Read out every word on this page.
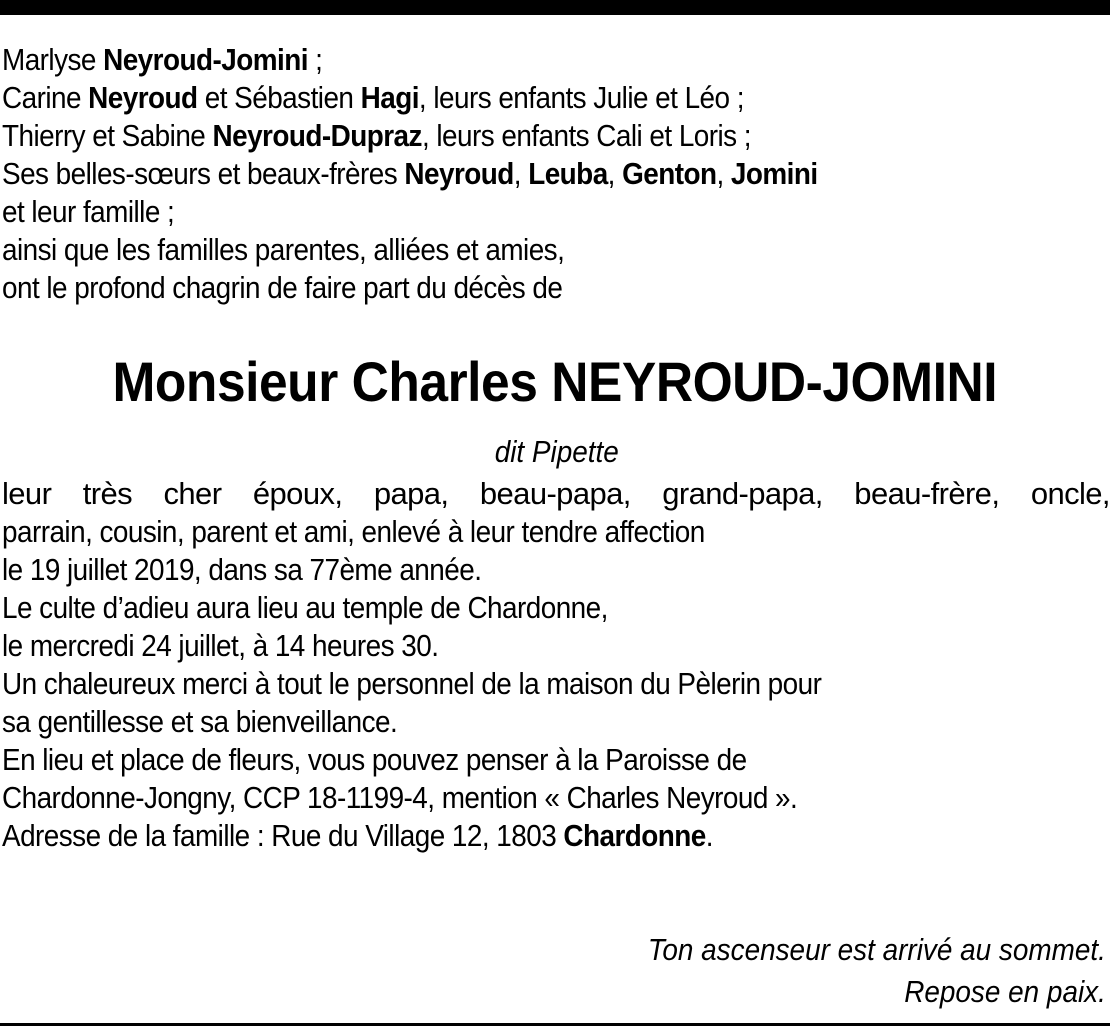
Marlyse Neyroud-Jomini ;
Carine Neyroud et Sébastien Hagi, leurs enfants Julie et Léo ;
Thierry et Sabine Neyroud-Dupraz, leurs enfants Cali et Loris ;
Ses belles-sœurs et beaux-frères Neyroud, Leuba, Genton, Jomini
et leur famille ;
ainsi que les familles parentes, alliées et amies,
ont le profond chagrin de faire part du décès de
Monsieur Charles NEYROUD-JOMINI
dit Pipette
leur très cher époux, papa, beau-papa, grand-papa, beau-frère, oncle,
parrain, cousin, parent et ami, enlevé à leur tendre affection
le 19 juillet 2019, dans sa 77ème année.
Le culte d’adieu aura lieu au temple de Chardonne,
le mercredi 24 juillet, à 14 heures 30.
Un chaleureux merci à tout le personnel de la maison du Pèlerin pour
sa gentillesse et sa bienveillance.
En lieu et place de fleurs, vous pouvez penser à la Paroisse de
Chardonne-Jongny, CCP 18-1199-4, mention « Charles Neyroud ».
Adresse de la famille : Rue du Village 12, 1803 Chardonne.
Ton ascenseur est arrivé au sommet.
Repose en paix.
